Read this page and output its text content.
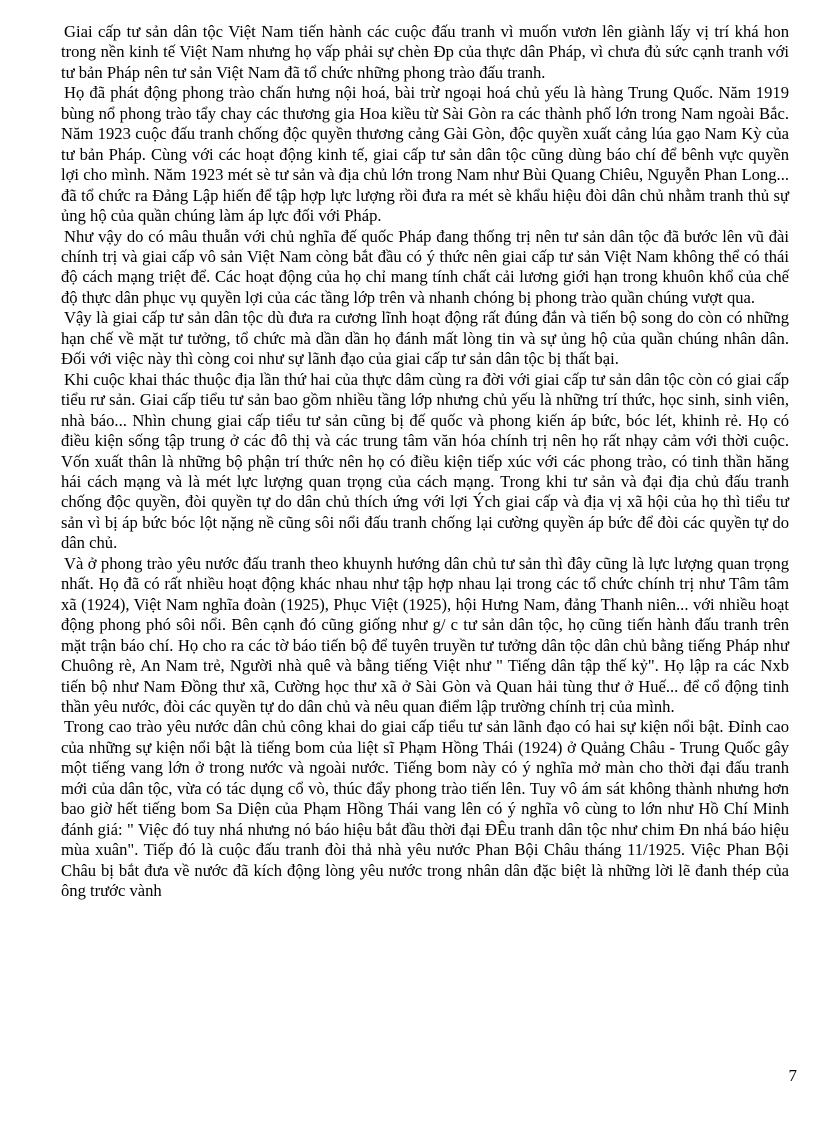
Giai cấp tư sản dân tộc Việt Nam tiến hành các cuộc đấu tranh vì muốn vươn lên giành lấy vị trí khá hon trong nền kinh tế Việt Nam nhưng họ vấp phải sự chèn Đp của thực dân Pháp, vì chưa đủ sức cạnh tranh với tư bản Pháp nên tư sản Việt Nam đã tổ chức những phong trào đấu tranh.

Họ đã phát động phong trào chấn hưng nội hoá, bài trừ ngoại hoá chủ yếu là hàng Trung Quốc. Năm 1919 bùng nổ phong trào tẩy chay các thương gia Hoa kiều từ Sài Gòn ra các thành phố lớn trong Nam ngoài Bắc. Năm 1923 cuộc đấu tranh chống độc quyền thương cảng Gài Gòn, độc quyền xuất cảng lúa gạo Nam Kỳ của tư bản Pháp. Cùng với các hoạt động kinh tế, giai cấp tư sản dân tộc cũng dùng báo chí để bênh vực quyền lợi cho mình. Năm 1923 mét sè tư sản và địa chủ lớn trong Nam như Bùi Quang Chiêu, Nguyễn Phan Long... đã tổ chức ra Đảng Lập hiến để tập hợp lực lượng rồi đưa ra mét sè khẩu hiệu đòi dân chủ nhằm tranh thủ sự ủng hộ của quần chúng làm áp lực đối với Pháp.

Như vậy do có mâu thuẫn với chủ nghĩa đế quốc Pháp đang thống trị nên tư sản dân tộc đã bước lên vũ đài chính trị và giai cấp vô sản Việt Nam còng bắt đầu có ý thức nên giai cấp tư sản Việt Nam không thể có thái độ cách mạng triệt để. Các hoạt động của họ chỉ mang tính chất cải lương giới hạn trong khuôn khổ của chế độ thực dân phục vụ quyền lợi của các tầng lớp trên và nhanh chóng bị phong trào quần chúng vượt qua.

Vậy là giai cấp tư sản dân tộc dù đưa ra cương lĩnh hoạt động rất đúng đắn và tiến bộ song do còn có những hạn chế về mặt tư tưởng, tổ chức mà dần dần họ đánh mất lòng tin và sự ủng hộ của quần chúng nhân dân. Đối với việc này thì còng coi như sự lãnh đạo của giai cấp tư sản dân tộc bị thất bại.

Khi cuộc khai thác thuộc địa lần thứ hai của thực dâm cùng ra đời với giai cấp tư sản dân tộc còn có giai cấp tiểu rư sản. Giai cấp tiểu tư sản bao gồm nhiều tầng lớp nhưng chủ yếu là những trí thức, học sinh, sinh viên, nhà báo... Nhìn chung giai cấp tiểu tư sản cũng bị đế quốc và phong kiến áp bức, bóc lét, khinh rẻ. Họ có điều kiện sống tập trung ở các đô thị và các trung tâm văn hóa chính trị nên họ rất nhạy cảm với thời cuộc. Vốn xuất thân là những bộ phận trí thức nên họ có điều kiện tiếp xúc với các phong trào, có tinh thần hăng hái cách mạng và là mét lực lượng quan trọng của cách mạng. Trong khi tư sản và đại địa chủ đấu tranh chống độc quyền, đòi quyền tự do dân chủ thích ứng với lợi Ých giai cấp và địa vị xã hội của họ thì tiểu tư sản vì bị áp bức bóc lột nặng nề cũng sôi nổi đấu tranh chống lại cường quyền áp bức để đòi các quyền tự do dân chủ.

Và ở phong trào yêu nước đấu tranh theo khuynh hướng dân chủ tư sản thì đây cũng là lực lượng quan trọng nhất. Họ đã có rất nhiều hoạt động khác nhau như tập hợp nhau lại trong các tổ chức chính trị như Tâm tâm xã (1924), Việt Nam nghĩa đoàn (1925), Phục Việt (1925), hội Hưng Nam, đảng Thanh niên... với nhiều hoạt động phong phó sôi nổi. Bên cạnh đó cũng giống như g/ c tư sản dân tộc, họ cũng tiến hành đấu tranh trên mặt trận báo chí. Họ cho ra các tờ báo tiến bộ để tuyên truyền tư tưởng dân tộc dân chủ bằng tiếng Pháp như Chuông rè, An Nam trẻ, Người nhà quê và bằng tiếng Việt như " Tiếng dân tập thế kỷ". Họ lập ra các Nxb tiến bộ như Nam Đồng thư xã, Cường học thư xã ở Sài Gòn và Quan hải tùng thư ở Huế... để cổ động tinh thần yêu nước, đòi các quyền tự do dân chủ và nêu quan điểm lập trường chính trị của mình.

Trong cao trào yêu nước dân chủ công khai do giai cấp tiểu tư sản lãnh đạo có hai sự kiện nổi bật. Đỉnh cao của những sự kiện nổi bật là tiếng bom của liệt sĩ Phạm Hồng Thái (1924) ở Quảng Châu - Trung Quốc gây một tiếng vang lớn ở trong nước và ngoài nước. Tiếng bom này có ý nghĩa mở màn cho thời đại đấu tranh mới của dân tộc, vừa có tác dụng cổ vò, thúc đẩy phong trào tiến lên. Tuy vô ám sát không thành nhưng hơn bao giờ hết tiếng bom Sa Diện của Phạm Hồng Thái vang lên có ý nghĩa vô cùng to lớn như Hồ Chí Minh đánh giá: " Việc đó tuy nhá nhưng nó báo hiệu bắt đầu thời đại ĐÊu tranh dân tộc như chim Đn nhá báo hiệu mùa xuân". Tiếp đó là cuộc đấu tranh đòi thả nhà yêu nước Phan Bội Châu tháng 11/1925. Việc Phan Bội Châu bị bắt đưa về nước đã kích động lòng yêu nước trong nhân dân đặc biệt là những lời lẽ đanh thép của ông trước vành

7
